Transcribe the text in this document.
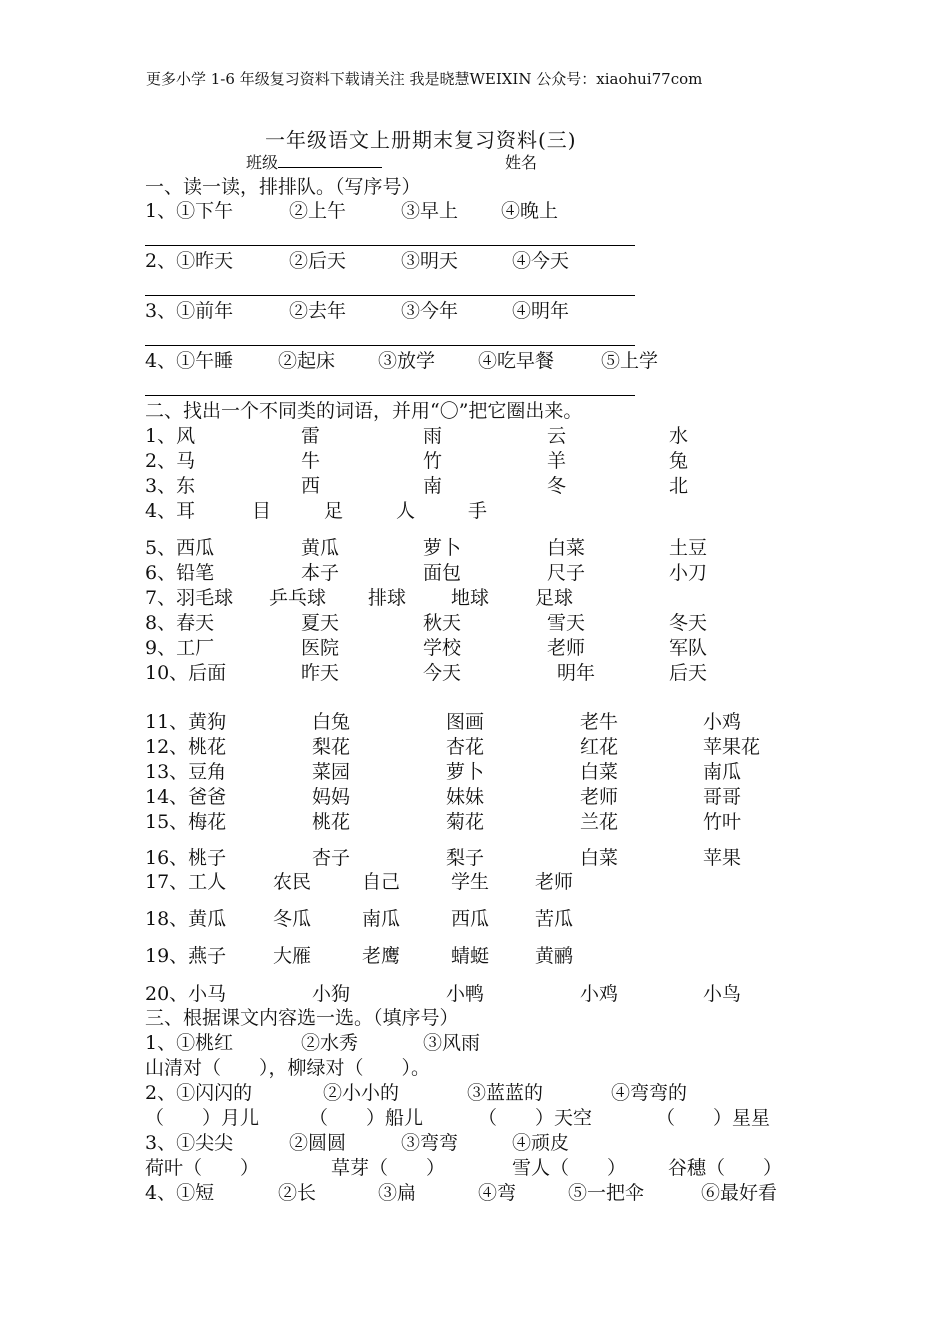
更多小学 1-6 年级复习资料下载请关注 我是晓慧WEIXIN 公众号：xiaohui77com
一年级语文上册期末复习资料(三)
班级	姓名
一、读一读，排排队。（写序号）
1、①下午	②上午	③早上 ④晚上
2、①昨天	②后天	③明天	④今天
3、①前年	②去年	③今年	④明年
4、①午睡 ②起床 ③放学 ④吃早餐 ⑤上学
二、找出一个不同类的词语，并用“〇”把它圈出来。
1、风	雷	雨	云	水
2、马	牛	竹	羊	兔
3、东	西	南	冬	北
4、耳	目	足	人	手
5、西瓜	黄瓜	萝卜	白菜	土豆
6、铅笔	本子	面包	尺子	小刀
7、羽毛球 乒乓球 排球 地球 足球
8、春天	夏天	秋天	雪天	冬天
9、工厂	医院	学校	老师	军队
10、后面	昨天	今天	明年	后天
11、黄狗	白兔	图画	老牛	小鸡
12、桃花	梨花	杏花	红花	苹果花
13、豆角	菜园	萝卜	白菜	南瓜
14、爸爸	妈妈	妹妹	老师	哥哥
15、梅花	桃花	菊花	兰花	竹叶
16、桃子	杏子	梨子	白菜	苹果
17、工人 农民	自己	学生 老师
18、黄瓜 冬瓜	南瓜	西瓜 苦瓜
19、燕子 大雁	老鹰	蜻蜓 黄鹂
20、小马	小狗	小鸭	小鸡	小鸟
三、根据课文内容选一选。（填序号）
1、①桃红	②水秀	③风雨
山清对（　　），柳绿对（　　）。
2、①闪闪的	②小小的	③蓝蓝的	④弯弯的
（　　）月儿	（　　）船儿	（　　）天空	（　　）星星
3、①尖尖	②圆圆	③弯弯	④顽皮
荷叶（　　）	草芽（　　）	雪人（　　） 谷穗（　　）
4、①短	②长	③扁	④弯	⑤一把伞	⑥最好看
